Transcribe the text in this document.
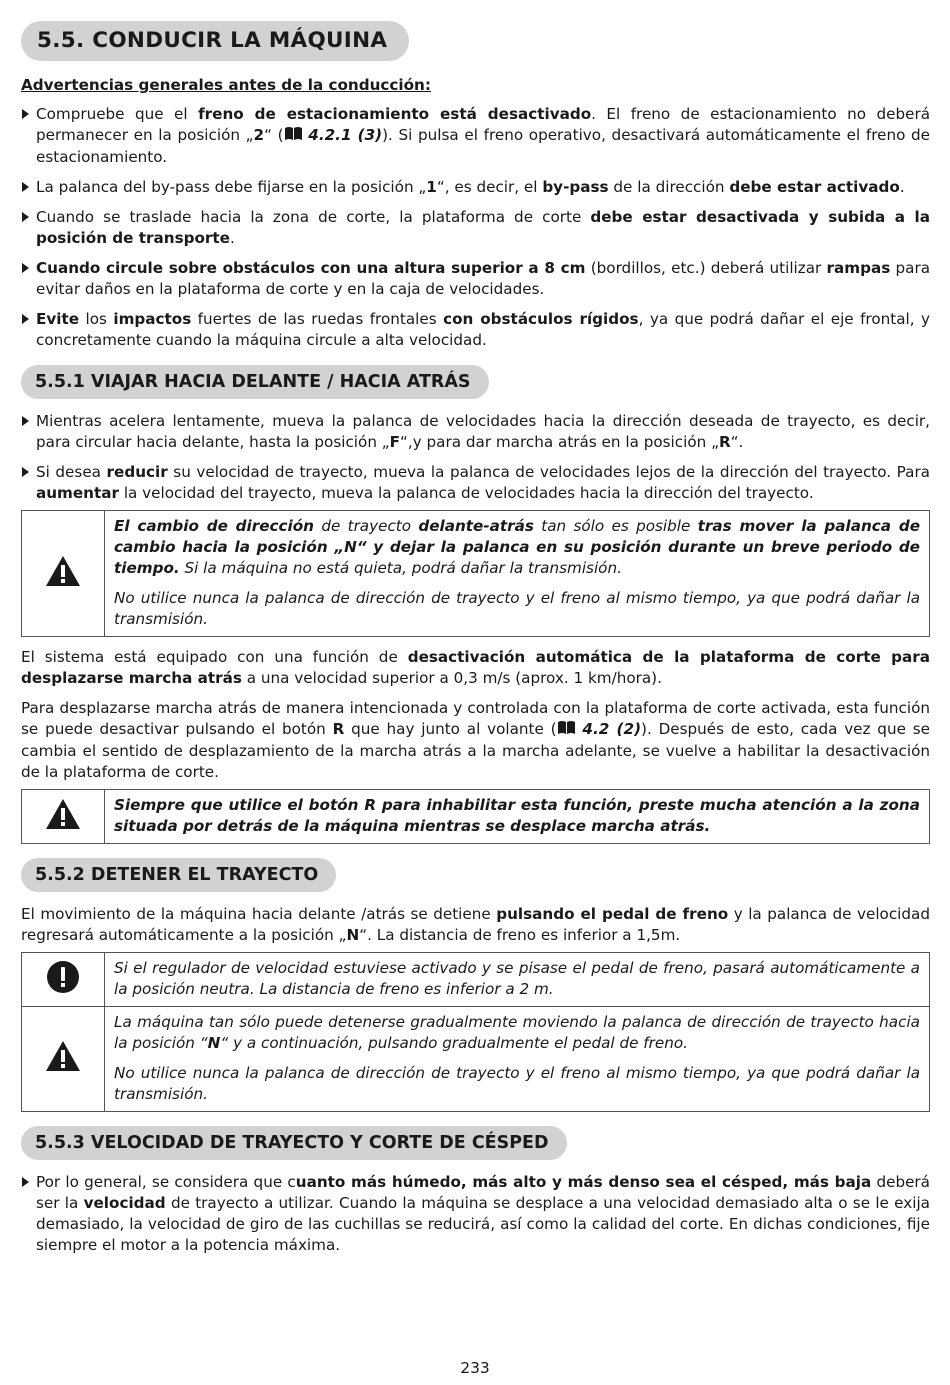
5.5. CONDUCIR LA MÁQUINA
Advertencias generales antes de la conducción:
Compruebe que el freno de estacionamiento está desactivado. El freno de estacionamiento no deberá permanecer en la posición „2“ ( 4.2.1 (3)). Si pulsa el freno operativo, desactivará automáticamente el freno de estacionamiento.
La palanca del by-pass debe fijarse en la posición „1“, es decir, el by-pass de la dirección debe estar activado.
Cuando se traslade hacia la zona de corte, la plataforma de corte debe estar desactivada y subida a la posición de transporte.
Cuando circule sobre obstáculos con una altura superior a 8 cm (bordillos, etc.) deberá utilizar rampas para evitar daños en la plataforma de corte y en la caja de velocidades.
Evite los impactos fuertes de las ruedas frontales con obstáculos rígidos, ya que podrá dañar el eje frontal, y concretamente cuando la máquina circule a alta velocidad.
5.5.1 VIAJAR HACIA DELANTE / HACIA ATRÁS
Mientras acelera lentamente, mueva la palanca de velocidades hacia la dirección deseada de trayecto, es decir, para circular hacia delante, hasta la posición „F“,y para dar marcha atrás en la posición „R“.
Si desea reducir su velocidad de trayecto, mueva la palanca de velocidades lejos de la dirección del trayecto. Para aumentar la velocidad del trayecto, mueva la palanca de velocidades hacia la dirección del trayecto.

El cambio de dirección de trayecto delante-atrás tan sólo es posible tras mover la palanca de cambio hacia la posición „N“ y dejar la palanca en su posición durante un breve periodo de tiempo. Si la máquina no está quieta, podrá dañar la transmisión.

No utilice nunca la palanca de dirección de trayecto y el freno al mismo tiempo, ya que podrá dañar la transmisión.

El sistema está equipado con una función de desactivación automática de la plataforma de corte para desplazarse marcha atrás a una velocidad superior a 0,3 m/s (aprox. 1 km/hora).
Para desplazarse marcha atrás de manera intencionada y controlada con la plataforma de corte activada, esta función se puede desactivar pulsando el botón R que hay junto al volante ( 4.2 (2)). Después de esto, cada vez que se cambia el sentido de desplazamiento de la marcha atrás a la marcha adelante, se vuelve a habilitar la desactivación de la plataforma de corte.

Siempre que utilice el botón R para inhabilitar esta función, preste mucha atención a la zona situada por detrás de la máquina mientras se desplace marcha atrás.

5.5.2 DETENER EL TRAYECTO
El movimiento de la máquina hacia delante /atrás se detiene pulsando el pedal de freno y la palanca de velocidad regresará automáticamente a la posición „N“. La distancia de freno es inferior a 1,5m.

Si el regulador de velocidad estuviese activado y se pisase el pedal de freno, pasará automáticamente a la posición neutra. La distancia de freno es inferior a 2 m.

La máquina tan sólo puede detenerse gradualmente moviendo la palanca de dirección de trayecto hacia la posición “N“ y a continuación, pulsando gradualmente el pedal de freno.

No utilice nunca la palanca de dirección de trayecto y el freno al mismo tiempo, ya que podrá dañar la transmisión.

5.5.3 VELOCIDAD DE TRAYECTO Y CORTE DE CÉSPED
Por lo general, se considera que cuanto más húmedo, más alto y más denso sea el césped, más baja deberá ser la velocidad de trayecto a utilizar. Cuando la máquina se desplace a una velocidad demasiado alta o se le exija demasiado, la velocidad de giro de las cuchillas se reducirá, así como la calidad del corte. En dichas condiciones, fije siempre el motor a la potencia máxima.
233
